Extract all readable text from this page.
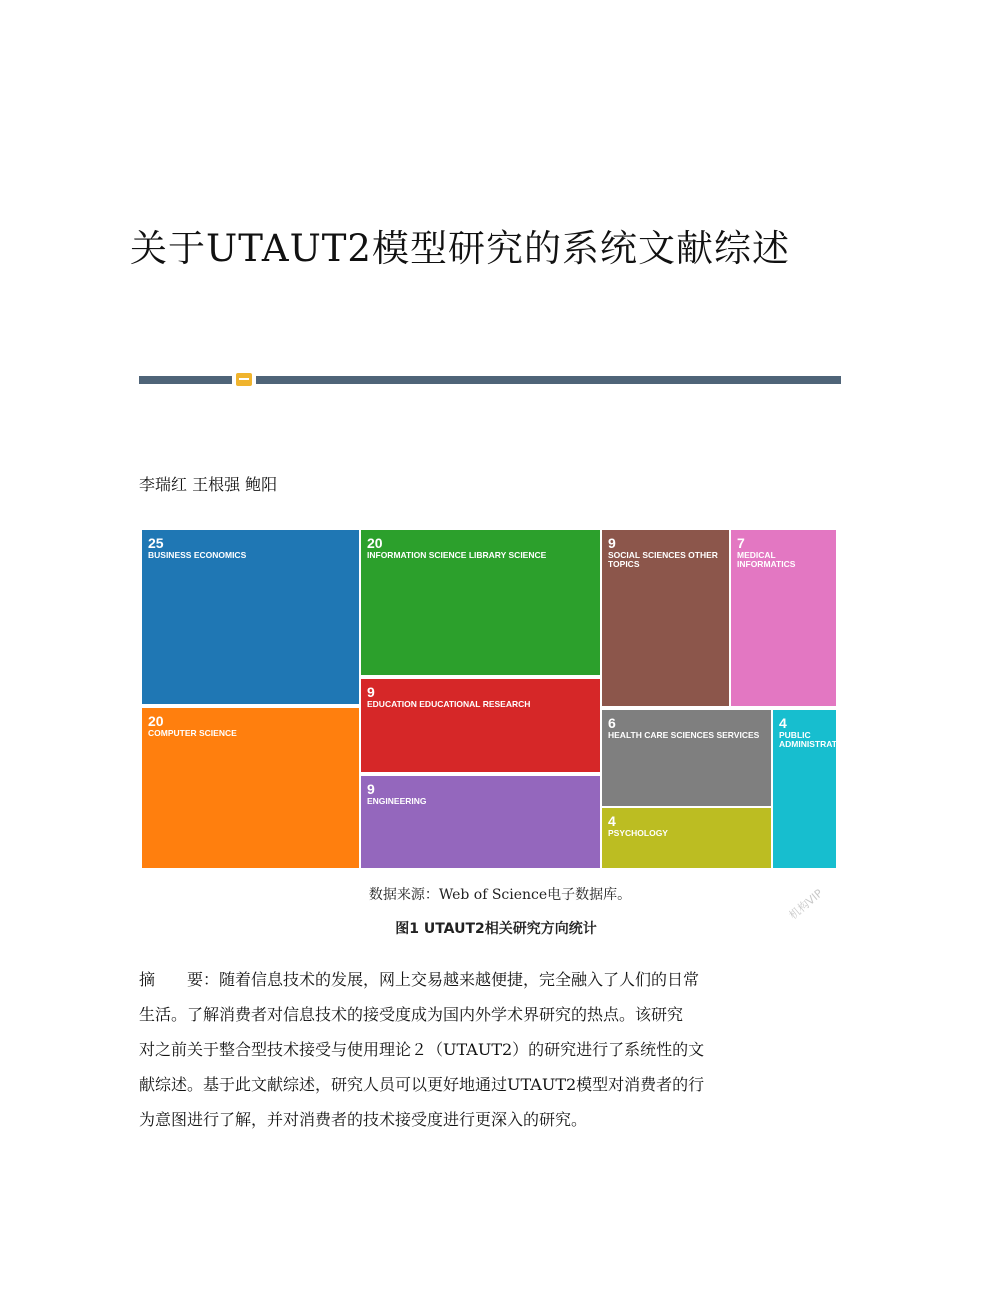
关于UTAUT2模型研究的系统文献综述
李瑞红 王根强 鲍阳
25
BUSINESS ECONOMICS
20
COMPUTER SCIENCE
20
INFORMATION SCIENCE LIBRARY SCIENCE
9
EDUCATION EDUCATIONAL RESEARCH
9
ENGINEERING
9
SOCIAL SCIENCES OTHER TOPICS
7
MEDICAL INFORMATICS
6
HEALTH CARE SCIENCES SERVICES
4
PSYCHOLOGY
4
PUBLIC ADMINISTRATION
数据来源：Web of Science电子数据库。
图1 UTAUT2相关研究方向统计
机构VIP

摘　　要：随着信息技术的发展，网上交易越来越便捷，完全融入了人们的日常

生活。了解消费者对信息技术的接受度成为国内外学术界研究的热点。该研究

对之前关于整合型技术接受与使用理论２（UTAUT2）的研究进行了系统性的文

献综述。基于此文献综述，研究人员可以更好地通过UTAUT2模型对消费者的行

为意图进行了解，并对消费者的技术接受度进行更深入的研究。
